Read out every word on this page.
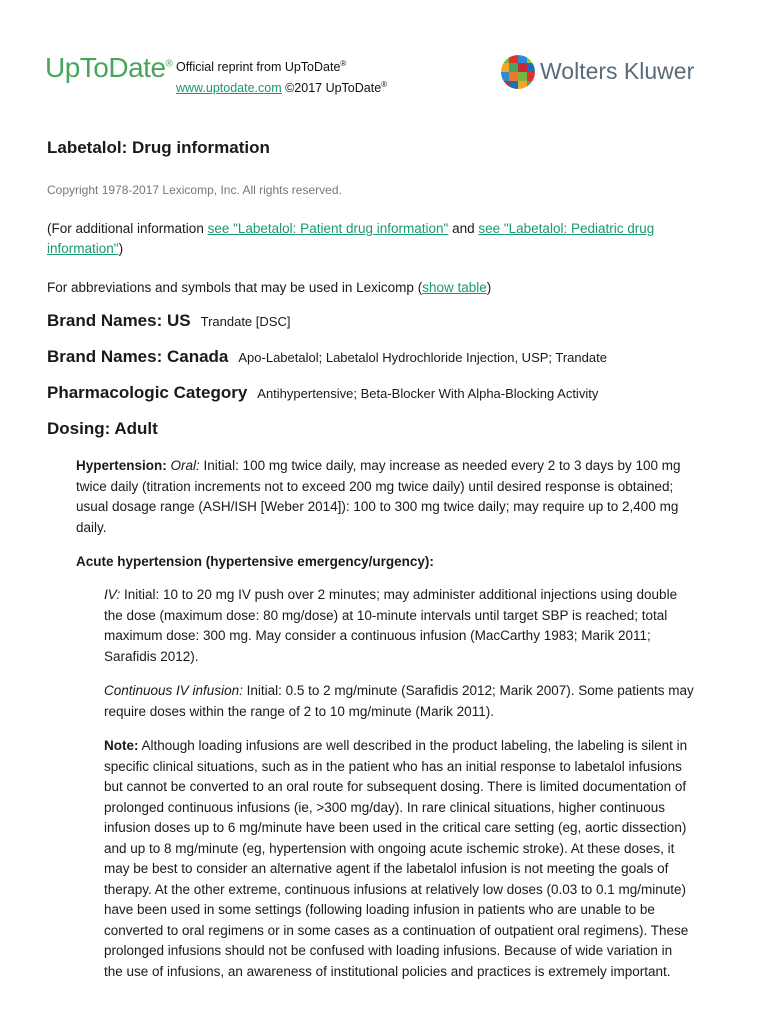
UpToDate® Official reprint from UpToDate®
www.uptodate.com ©2017 UpToDate®
Wolters Kluwer
Labetalol: Drug information
Copyright 1978-2017 Lexicomp, Inc. All rights reserved.
(For additional information see "Labetalol: Patient drug information" and see "Labetalol: Pediatric drug
information")
For abbreviations and symbols that may be used in Lexicomp (show table)
Brand Names: US Trandate [DSC]
Brand Names: Canada Apo-Labetalol; Labetalol Hydrochloride Injection, USP; Trandate
Pharmacologic Category Antihypertensive; Beta-Blocker With Alpha-Blocking Activity
Dosing: Adult
Hypertension: Oral: Initial: 100 mg twice daily, may increase as needed every 2 to 3 days by 100 mg
twice daily (titration increments not to exceed 200 mg twice daily) until desired response is obtained;
usual dosage range (ASH/ISH [Weber 2014]): 100 to 300 mg twice daily; may require up to 2,400 mg
daily.
Acute hypertension (hypertensive emergency/urgency):
IV: Initial: 10 to 20 mg IV push over 2 minutes; may administer additional injections using double
the dose (maximum dose: 80 mg/dose) at 10-minute intervals until target SBP is reached; total
maximum dose: 300 mg. May consider a continuous infusion (MacCarthy 1983; Marik 2011;
Sarafidis 2012).
Continuous IV infusion: Initial: 0.5 to 2 mg/minute (Sarafidis 2012; Marik 2007). Some patients may
require doses within the range of 2 to 10 mg/minute (Marik 2011).
Note: Although loading infusions are well described in the product labeling, the labeling is silent in
specific clinical situations, such as in the patient who has an initial response to labetalol infusions
but cannot be converted to an oral route for subsequent dosing. There is limited documentation of
prolonged continuous infusions (ie, >300 mg/day). In rare clinical situations, higher continuous
infusion doses up to 6 mg/minute have been used in the critical care setting (eg, aortic dissection)
and up to 8 mg/minute (eg, hypertension with ongoing acute ischemic stroke). At these doses, it
may be best to consider an alternative agent if the labetalol infusion is not meeting the goals of
therapy. At the other extreme, continuous infusions at relatively low doses (0.03 to 0.1 mg/minute)
have been used in some settings (following loading infusion in patients who are unable to be
converted to oral regimens or in some cases as a continuation of outpatient oral regimens). These
prolonged infusions should not be confused with loading infusions. Because of wide variation in
the use of infusions, an awareness of institutional policies and practices is extremely important.
